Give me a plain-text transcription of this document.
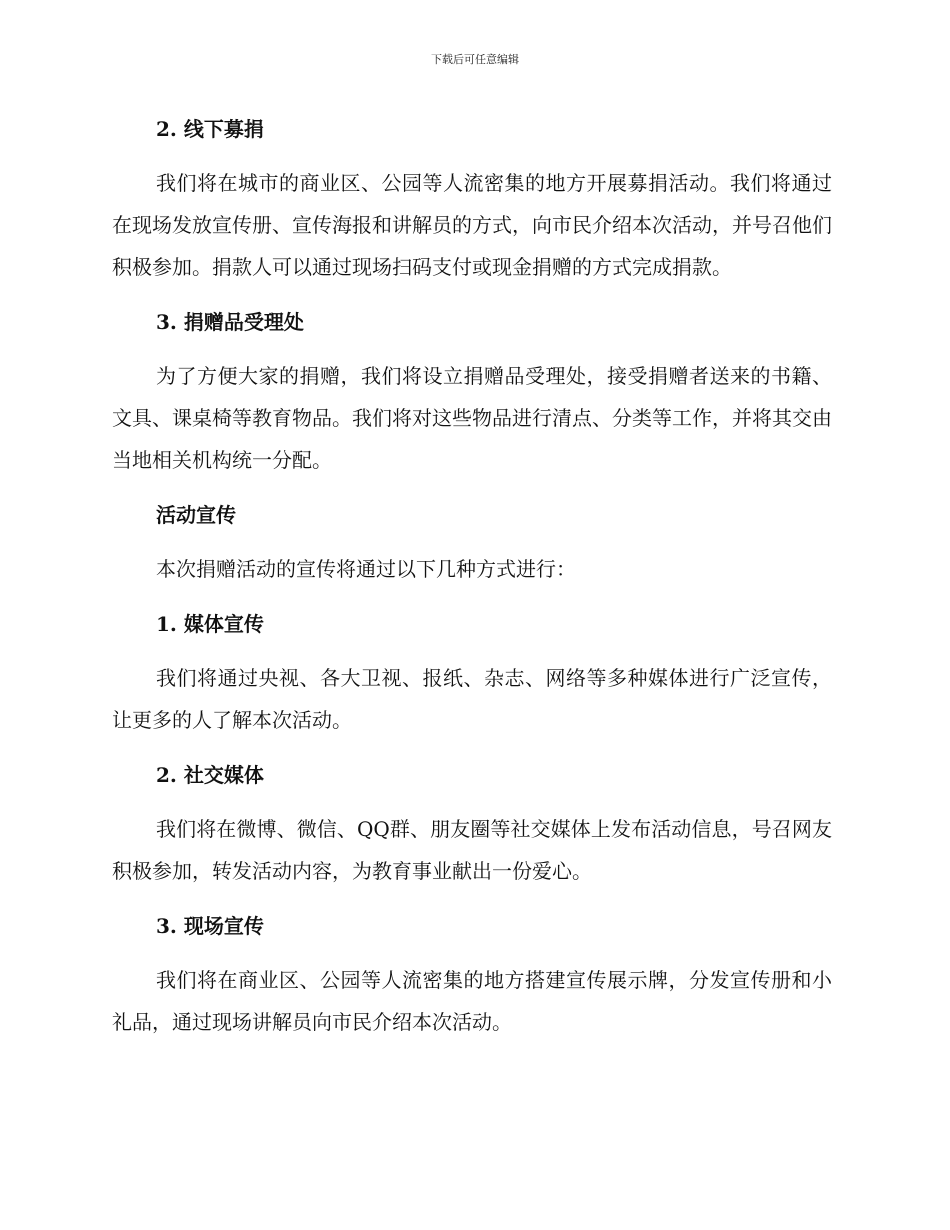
下载后可任意编辑
2. 线下募捐

我们将在城市的商业区、公园等人流密集的地方开展募捐活动。我们将通过在现场发放宣传册、宣传海报和讲解员的方式，向市民介绍本次活动，并号召他们积极参加。捐款人可以通过现场扫码支付或现金捐赠的方式完成捐款。

3. 捐赠品受理处

为了方便大家的捐赠，我们将设立捐赠品受理处，接受捐赠者送来的书籍、文具、课桌椅等教育物品。我们将对这些物品进行清点、分类等工作，并将其交由当地相关机构统一分配。

活动宣传

本次捐赠活动的宣传将通过以下几种方式进行：

1. 媒体宣传

我们将通过央视、各大卫视、报纸、杂志、网络等多种媒体进行广泛宣传，让更多的人了解本次活动。

2. 社交媒体

我们将在微博、微信、QQ群、朋友圈等社交媒体上发布活动信息，号召网友积极参加，转发活动内容，为教育事业献出一份爱心。

3. 现场宣传

我们将在商业区、公园等人流密集的地方搭建宣传展示牌，分发宣传册和小礼品，通过现场讲解员向市民介绍本次活动。
